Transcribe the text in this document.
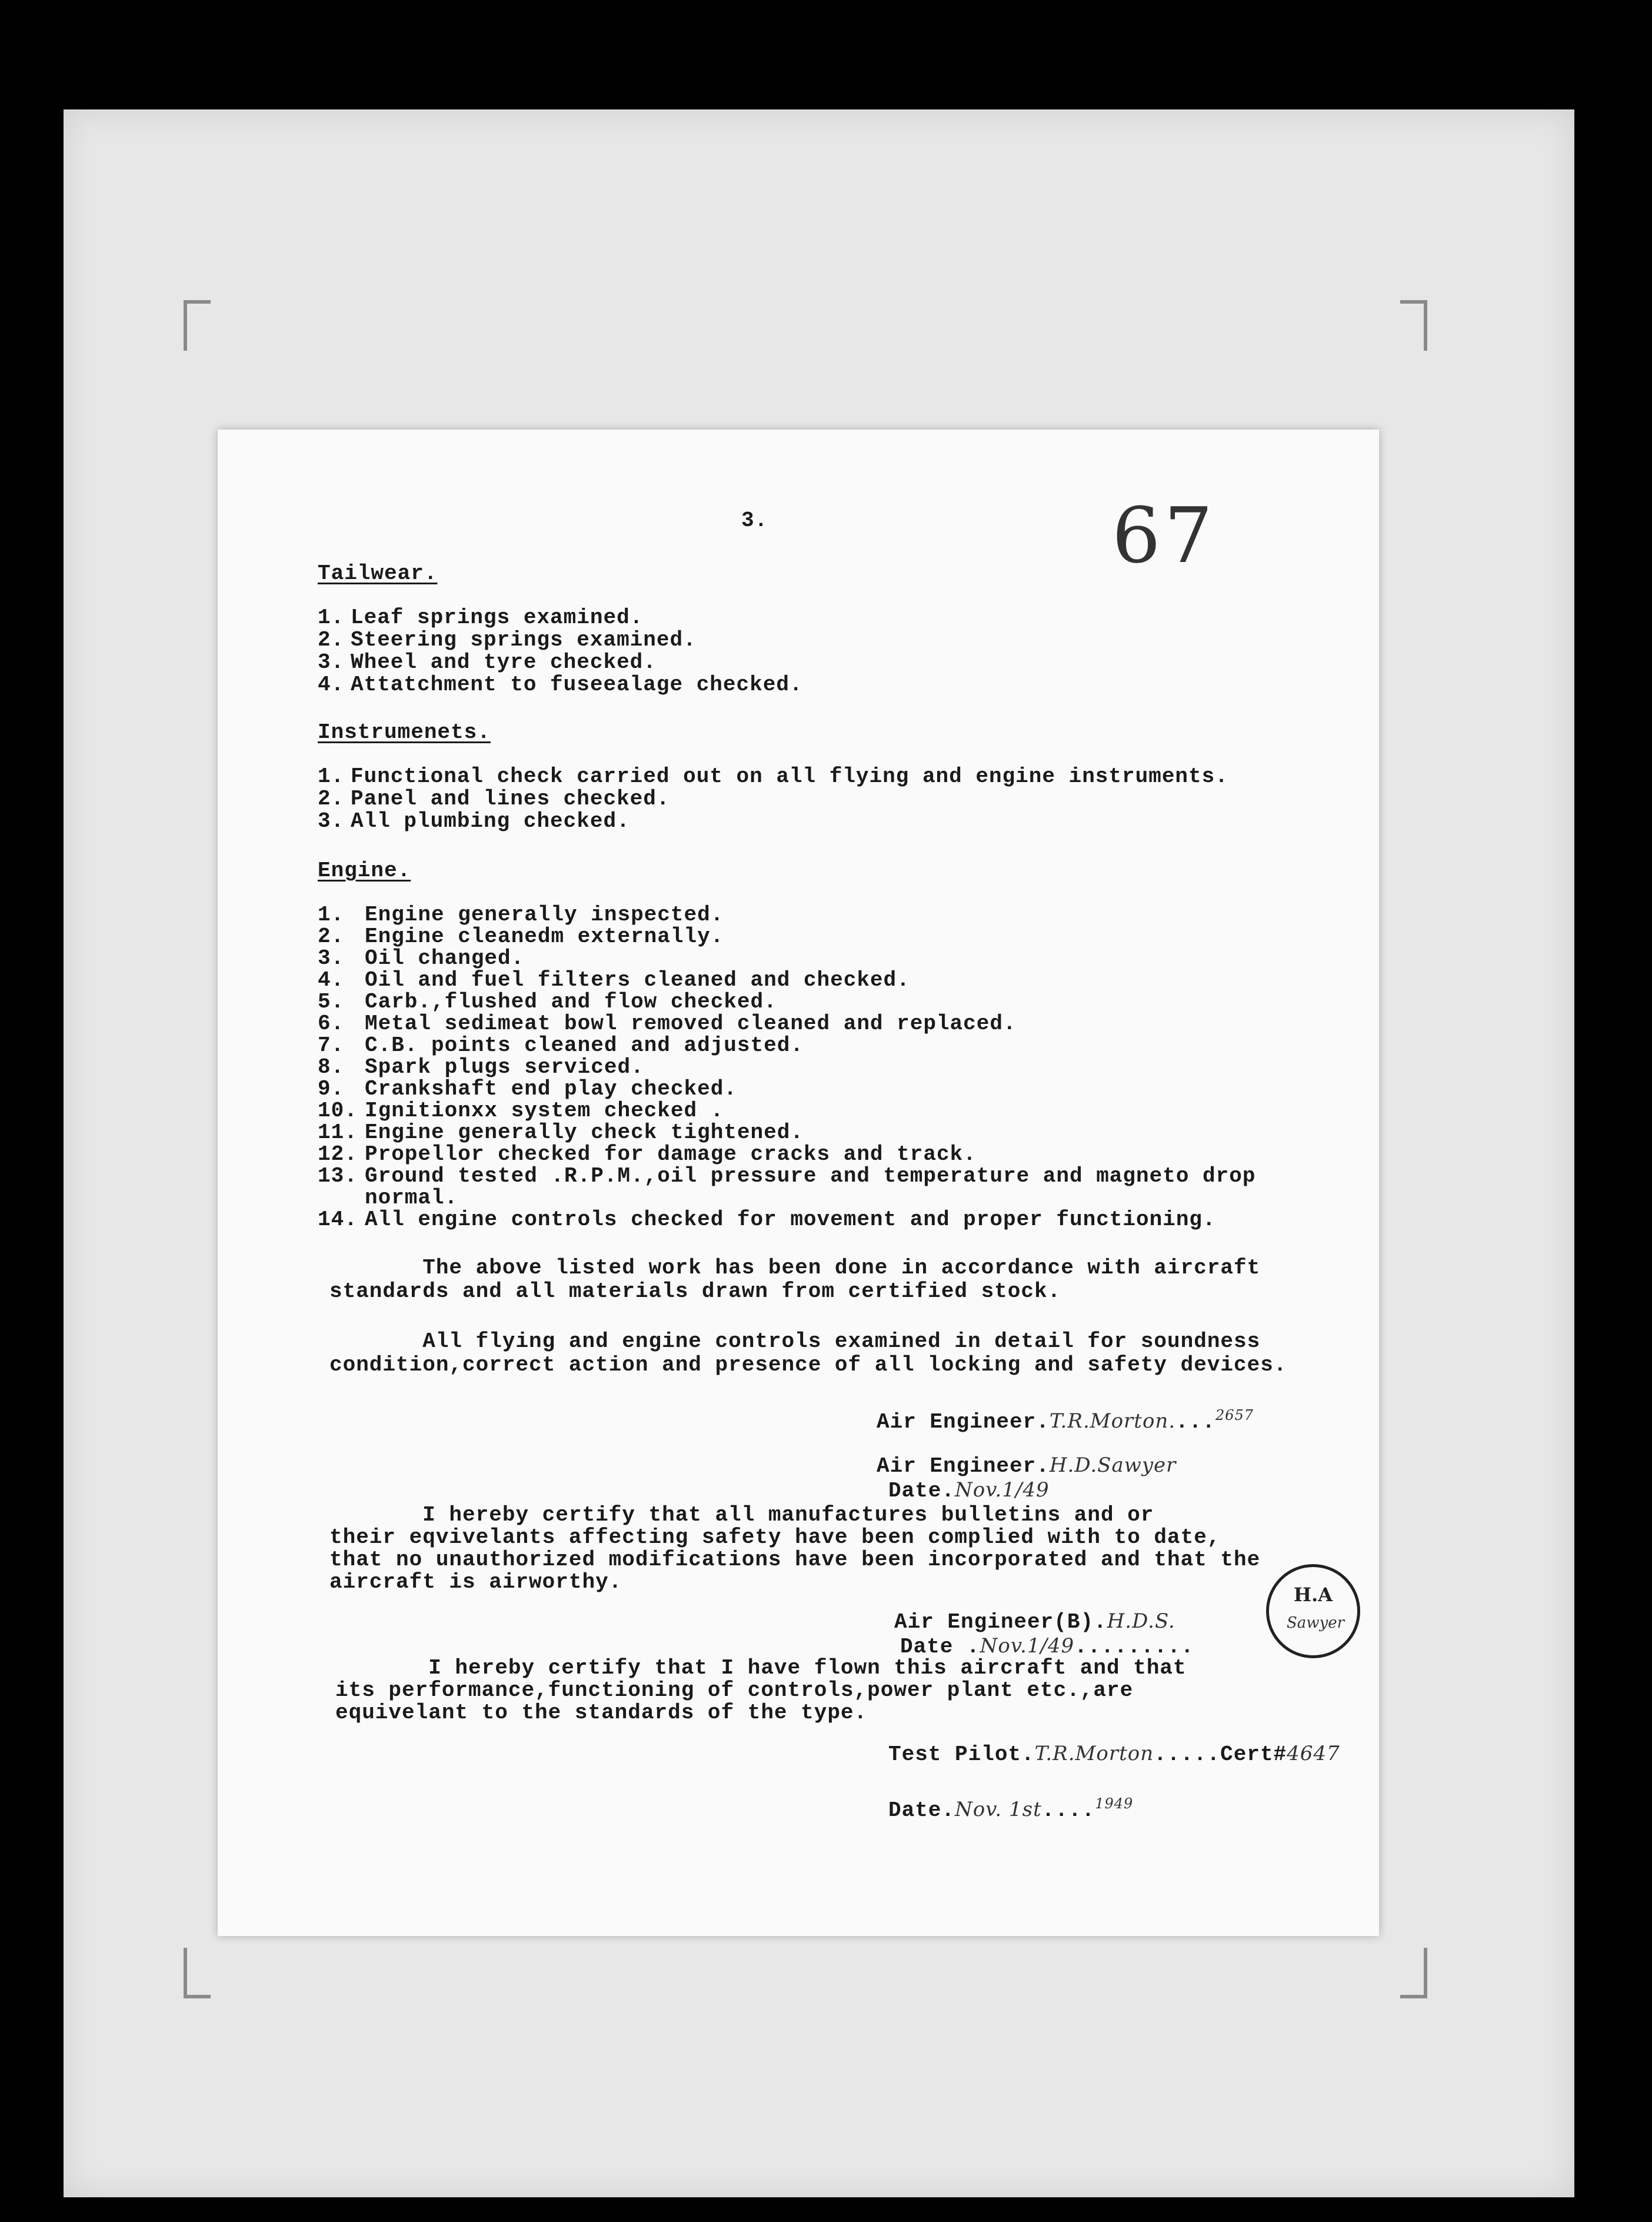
3.	67
Tailwear.
1. Leaf springs examined.
2. Steering springs examined.
3. Wheel and tyre checked.
4. Attatchment to fuseealage checked.
Instrumenets.
1. Functional check carried out on all flying and engine instruments.
2. Panel and lines checked.
3. All plumbing checked.
Engine.
1. Engine generally inspected.
2. Engine cleanedm externally.
3. Oil changed.
4. Oil and fuel filters cleaned and checked.
5. Carb.,flushed and flow checked.
6. Metal sedimeat bowl removed cleaned and replaced.
7. C.B. points cleaned and adjusted.
8. Spark plugs serviced.
9. Crankshaft end play checked.
10. Ignitionxx system checked .
11. Engine generally check tightened.
12. Propellor checked for damage cracks and track.
13. Ground tested .R.P.M.,oil pressure and temperature and magneto drop
normal.
14. All engine controls checked for movement and proper functioning.
The above listed work has been done in accordance with aircraft
standards and all materials drawn from certified stock.
All flying and engine controls examined in detail for soundness
condition,correct action and presence of all locking and safety devices.
Air Engineer.T.R.Morton....$^{2657}$
Air Engineer.H.D.Sawyer
Date.Nov.1/49
I hereby certify that all manufactures bulletins and or
their eqvivelants affecting safety have been complied with to date,
that no unauthorized modifications have been incorporated and that the
aircraft is airworthy.
Air Engineer(B).H.D.S.
Date .Nov.1/49.........
H.A
Sawyer
I hereby certify that I have flown this aircraft and that
its performance,functioning of controls,power plant etc.,are
equivelant to the standards of the type.
Test Pilot.T.R.Morton.....Cert#4647
Date.Nov. 1st....$^{1949}$
